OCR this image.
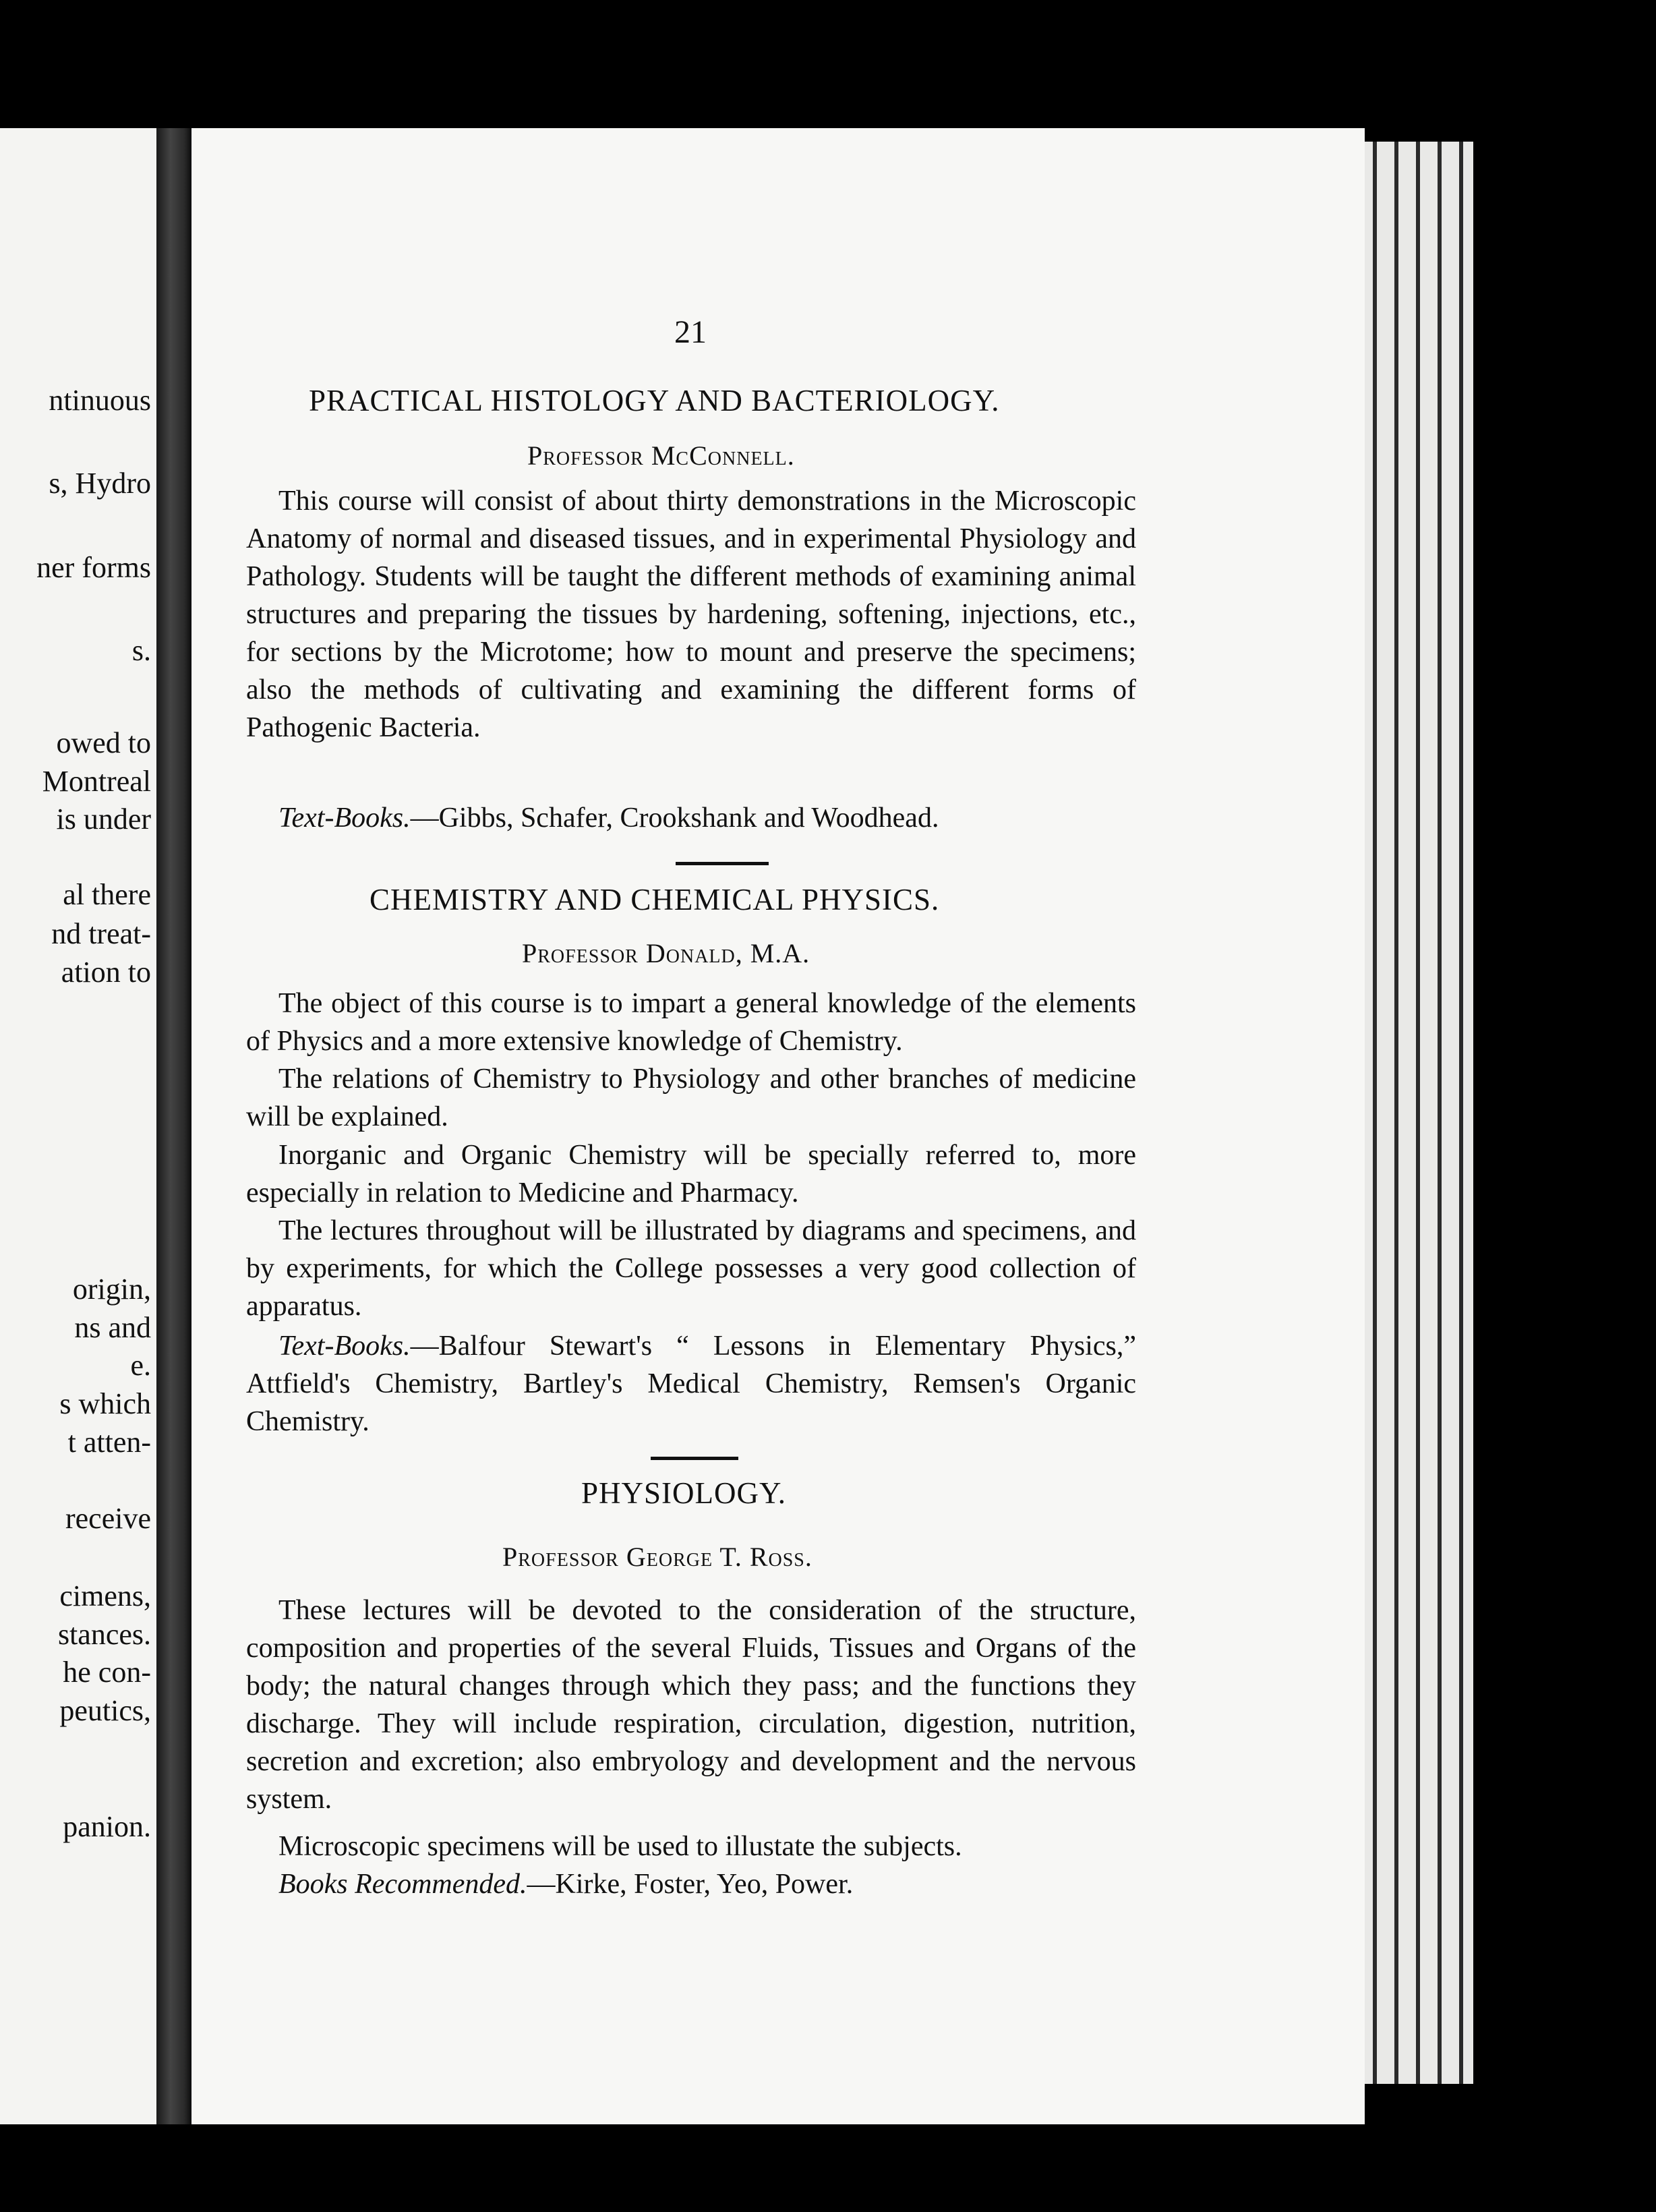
ntinuous
s, Hydro
ner forms
s.
owed to
Montreal
is under
al there
nd treat-
ation to
origin,
ns and
e.
s which
t atten-
receive
cimens,
stances.
he con-
peutics,
panion.
21
PRACTICAL HISTOLOGY AND BACTERIOLOGY.
Professor McConnell.
This course will consist of about thirty demonstrations in the Microscopic Anatomy of normal and diseased tissues, and in experimental Physiology and Pathology. Students will be taught the different methods of examining animal structures and preparing the tissues by hardening, softening, injections, etc., for sections by the Microtome; how to mount and preserve the specimens; also the methods of cultivating and examining the different forms of Pathogenic Bacteria.
Text-Books.—Gibbs, Schafer, Crookshank and Woodhead.
CHEMISTRY AND CHEMICAL PHYSICS.
Professor Donald, M.A.
The object of this course is to impart a general knowledge of the elements of Physics and a more extensive knowledge of Chemistry.
The relations of Chemistry to Physiology and other branches of medicine will be explained.
Inorganic and Organic Chemistry will be specially referred to, more especially in relation to Medicine and Pharmacy.
The lectures throughout will be illustrated by diagrams and specimens, and by experiments, for which the College possesses a very good collection of apparatus.
Text-Books.—Balfour Stewart's “ Lessons in Elementary Physics,” Attfield's Chemistry, Bartley's Medical Chemistry, Remsen's Organic Chemistry.
PHYSIOLOGY.
Professor George T. Ross.
These lectures will be devoted to the consideration of the structure, composition and properties of the several Fluids, Tissues and Organs of the body; the natural changes through which they pass; and the functions they discharge. They will include respiration, circulation, digestion, nutrition, secretion and excretion; also embryology and development and the nervous system.
Microscopic specimens will be used to illustate the subjects.
Books Recommended.—Kirke, Foster, Yeo, Power.
